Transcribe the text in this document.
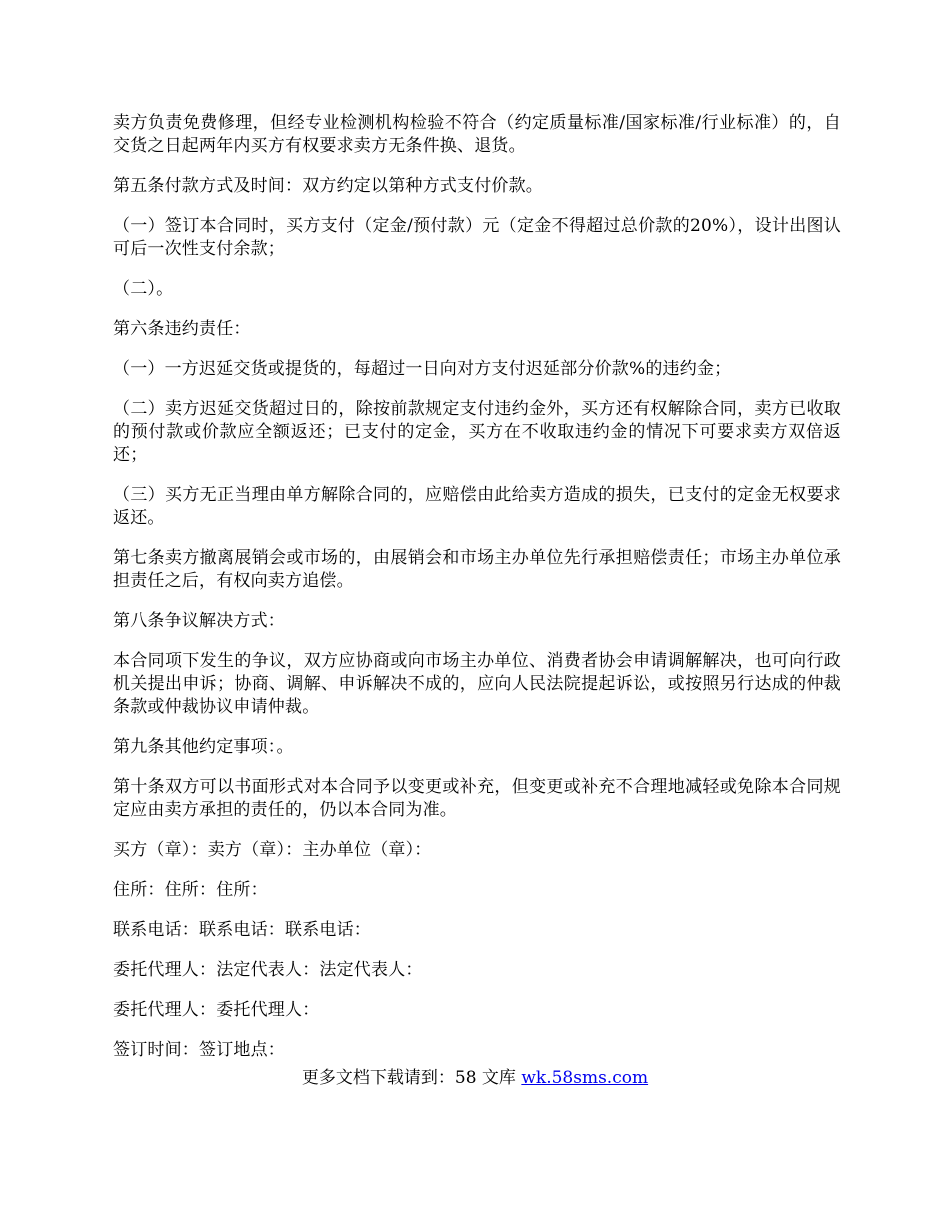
卖方负责免费修理，但经专业检测机构检验不符合（约定质量标准/国家标准/行业标准）的，自交货之日起两年内买方有权要求卖方无条件换、退货。

第五条付款方式及时间：双方约定以第种方式支付价款。

（一）签订本合同时，买方支付（定金/预付款）元（定金不得超过总价款的20%），设计出图认可后一次性支付余款；

（二）。

第六条违约责任：

（一）一方迟延交货或提货的，每超过一日向对方支付迟延部分价款%的违约金；

（二）卖方迟延交货超过日的，除按前款规定支付违约金外，买方还有权解除合同，卖方已收取的预付款或价款应全额返还；已支付的定金，买方在不收取违约金的情况下可要求卖方双倍返还；

（三）买方无正当理由单方解除合同的，应赔偿由此给卖方造成的损失，已支付的定金无权要求返还。

第七条卖方撤离展销会或市场的，由展销会和市场主办单位先行承担赔偿责任；市场主办单位承担责任之后，有权向卖方追偿。

第八条争议解决方式：

本合同项下发生的争议，双方应协商或向市场主办单位、消费者协会申请调解解决，也可向行政机关提出申诉；协商、调解、申诉解决不成的，应向人民法院提起诉讼，或按照另行达成的仲裁条款或仲裁协议申请仲裁。

第九条其他约定事项：。

第十条双方可以书面形式对本合同予以变更或补充，但变更或补充不合理地减轻或免除本合同规定应由卖方承担的责任的，仍以本合同为准。

买方（章）：卖方（章）：主办单位（章）：

住所：住所：住所：

联系电话：联系电话：联系电话：

委托代理人：法定代表人：法定代表人：

委托代理人：委托代理人：

签订时间：签订地点：

更多文档下载请到：58 文库 wk.58sms.com
